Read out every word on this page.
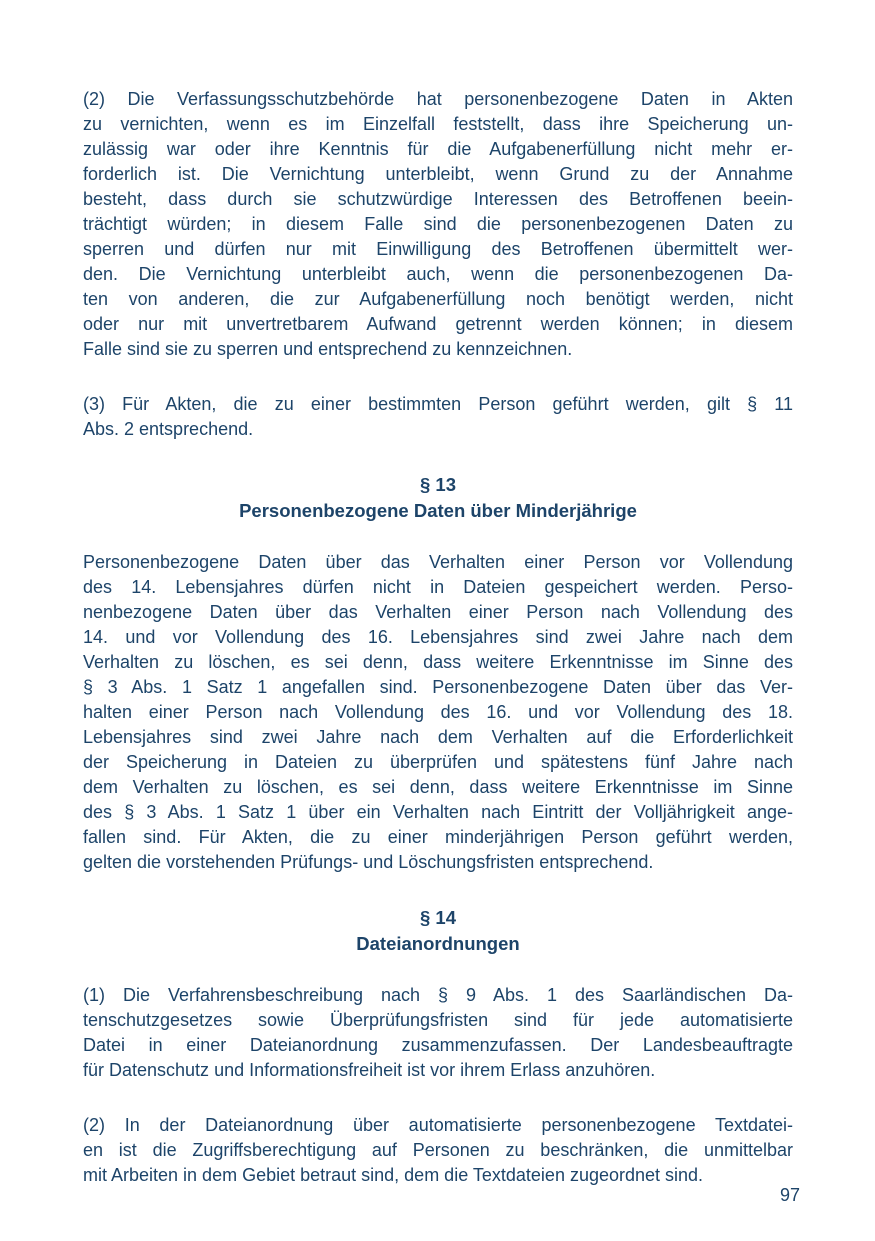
(2) Die Verfassungsschutzbehörde hat personenbezogene Daten in Akten
zu vernichten, wenn es im Einzelfall feststellt, dass ihre Speicherung un-
zulässig war oder ihre Kenntnis für die Aufgabenerfüllung nicht mehr er-
forderlich ist. Die Vernichtung unterbleibt, wenn Grund zu der Annahme
besteht, dass durch sie schutzwürdige Interessen des Betroffenen beein-
trächtigt würden; in diesem Falle sind die personenbezogenen Daten zu
sperren und dürfen nur mit Einwilligung des Betroffenen übermittelt wer-
den. Die Vernichtung unterbleibt auch, wenn die personenbezogenen Da-
ten von anderen, die zur Aufgabenerfüllung noch benötigt werden, nicht
oder nur mit unvertretbarem Aufwand getrennt werden können; in diesem
Falle sind sie zu sperren und entsprechend zu kennzeichnen.
(3) Für Akten, die zu einer bestimmten Person geführt werden, gilt § 11
Abs. 2 entsprechend.
§ 13
Personenbezogene Daten über Minderjährige
Personenbezogene Daten über das Verhalten einer Person vor Vollendung
des 14. Lebensjahres dürfen nicht in Dateien gespeichert werden. Perso-
nenbezogene Daten über das Verhalten einer Person nach Vollendung des
14. und vor Vollendung des 16. Lebensjahres sind zwei Jahre nach dem
Verhalten zu löschen, es sei denn, dass weitere Erkenntnisse im Sinne des
§ 3 Abs. 1 Satz 1 angefallen sind. Personenbezogene Daten über das Ver-
halten einer Person nach Vollendung des 16. und vor Vollendung des 18.
Lebensjahres sind zwei Jahre nach dem Verhalten auf die Erforderlichkeit
der Speicherung in Dateien zu überprüfen und spätestens fünf Jahre nach
dem Verhalten zu löschen, es sei denn, dass weitere Erkenntnisse im Sinne
des § 3 Abs. 1 Satz 1 über ein Verhalten nach Eintritt der Volljährigkeit ange-
fallen sind. Für Akten, die zu einer minderjährigen Person geführt werden,
gelten die vorstehenden Prüfungs- und Löschungsfristen entsprechend.
§ 14
Dateianordnungen
(1) Die Verfahrensbeschreibung nach § 9 Abs. 1 des Saarländischen Da-
tenschutzgesetzes sowie Überprüfungsfristen sind für jede automatisierte
Datei in einer Dateianordnung zusammenzufassen. Der Landesbeauftragte
für Datenschutz und Informationsfreiheit ist vor ihrem Erlass anzuhören.
(2) In der Dateianordnung über automatisierte personenbezogene Textdatei-
en ist die Zugriffsberechtigung auf Personen zu beschränken, die unmittelbar
mit Arbeiten in dem Gebiet betraut sind, dem die Textdateien zugeordnet sind.
97
